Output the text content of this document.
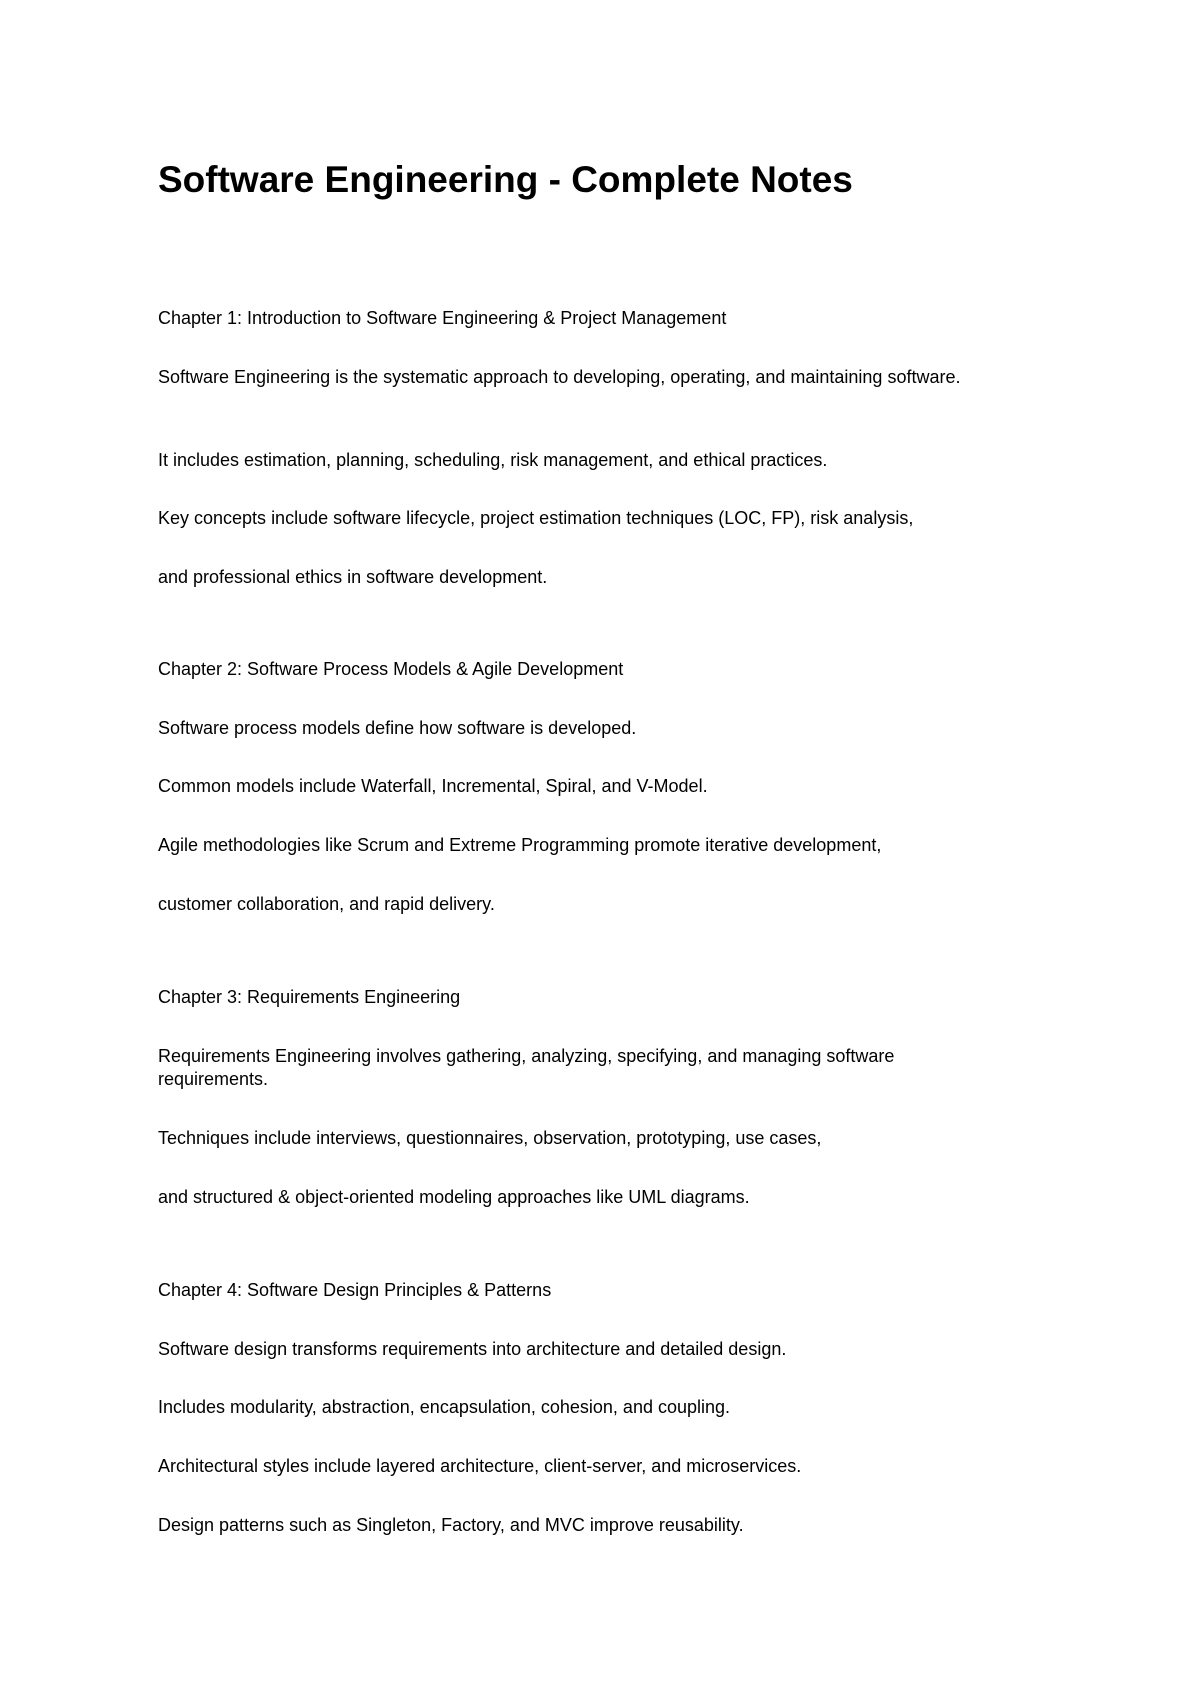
Software Engineering - Complete Notes

Chapter 1: Introduction to Software Engineering & Project Management

Software Engineering is the systematic approach to developing, operating, and maintaining software.

It includes estimation, planning, scheduling, risk management, and ethical practices.

Key concepts include software lifecycle, project estimation techniques (LOC, FP), risk analysis,

and professional ethics in software development.

Chapter 2: Software Process Models & Agile Development

Software process models define how software is developed.

Common models include Waterfall, Incremental, Spiral, and V-Model.

Agile methodologies like Scrum and Extreme Programming promote iterative development,

customer collaboration, and rapid delivery.

Chapter 3: Requirements Engineering

Requirements Engineering involves gathering, analyzing, specifying, and managing software requirements.

Techniques include interviews, questionnaires, observation, prototyping, use cases,

and structured & object-oriented modeling approaches like UML diagrams.

Chapter 4: Software Design Principles & Patterns

Software design transforms requirements into architecture and detailed design.

Includes modularity, abstraction, encapsulation, cohesion, and coupling.

Architectural styles include layered architecture, client-server, and microservices.

Design patterns such as Singleton, Factory, and MVC improve reusability.
